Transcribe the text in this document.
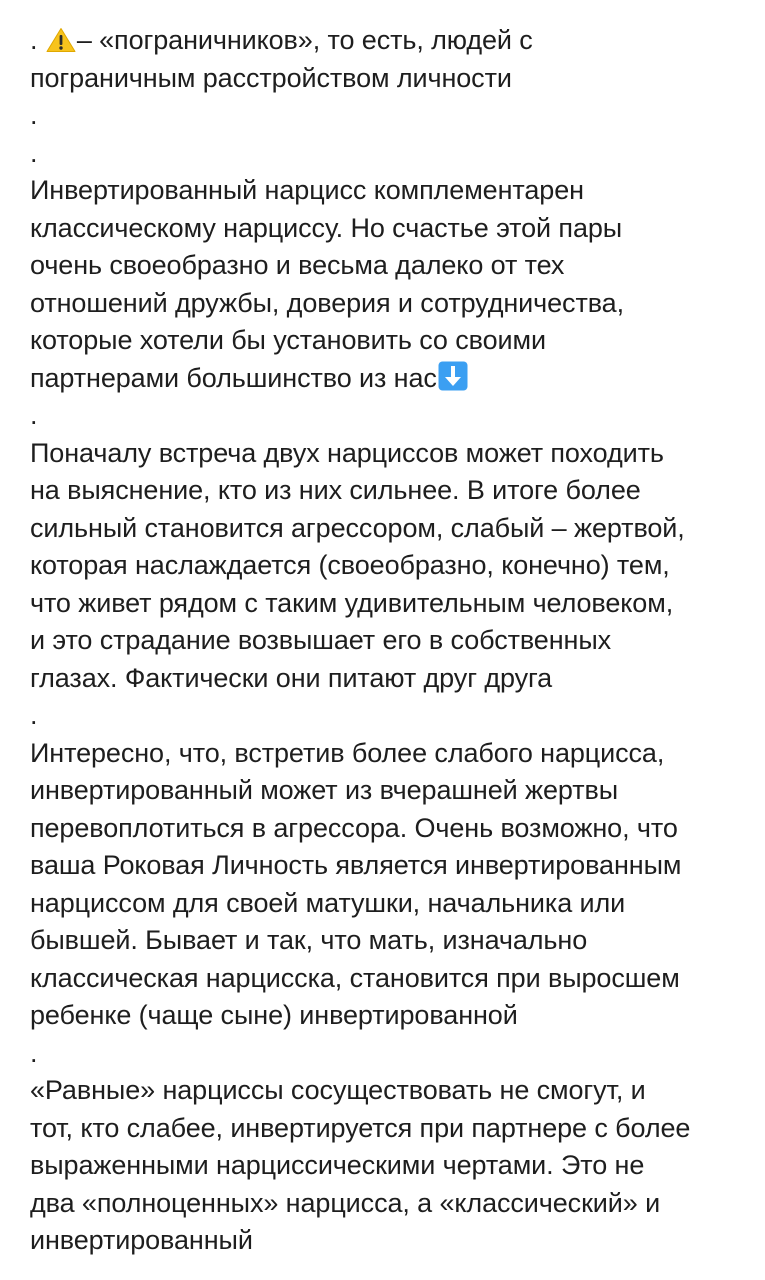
. – «пограничников», то есть, людей с
пограничным расстройством личности
.
.
Инвертированный нарцисс комплементарен
классическому нарциссу. Но счастье этой пары
очень своеобразно и весьма далеко от тех
отношений дружбы, доверия и сотрудничества,
которые хотели бы установить со своими
партнерами большинство из нас
.
Поначалу встреча двух нарциссов может походить
на выяснение, кто из них сильнее. В итоге более
сильный становится агрессором, слабый – жертвой,
которая наслаждается (своеобразно, конечно) тем,
что живет рядом с таким удивительным человеком,
и это страдание возвышает его в собственных
глазах. Фактически они питают друг друга
.
Интересно, что, встретив более слабого нарцисса,
инвертированный может из вчерашней жертвы
перевоплотиться в агрессора. Очень возможно, что
ваша Роковая Личность является инвертированным
нарциссом для своей матушки, начальника или
бывшей. Бывает и так, что мать, изначально
классическая нарцисска, становится при выросшем
ребенке (чаще сыне) инвертированной
.
«Равные» нарциссы сосуществовать не смогут, и
тот, кто слабее, инвертируется при партнере с более
выраженными нарциссическими чертами. Это не
два «полноценных» нарцисса, а «классический» и
инвертированный
